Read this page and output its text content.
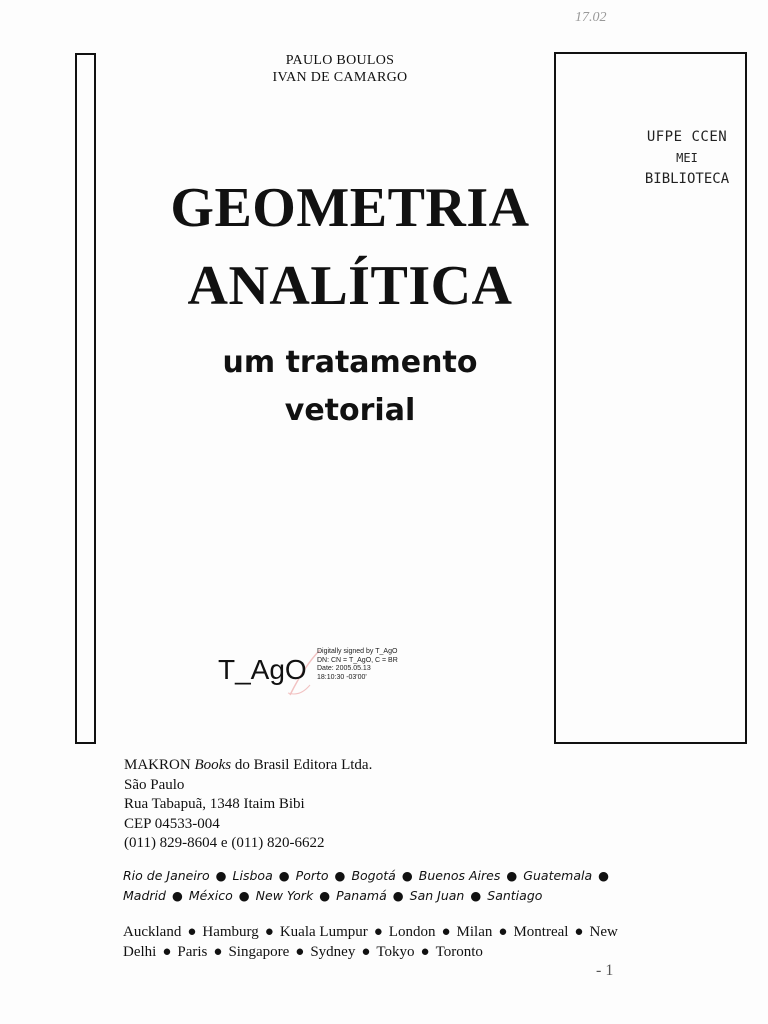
17.02
PAULO BOULOS
IVAN DE CAMARGO
GEOMETRIA
ANALÍTICA
um tratamento
vetorial
UFPE CCEN
MEI
BIBLIOTECA
T_AgO
Digitally signed by T_AgO
DN: CN = T_AgO, C = BR
Date: 2005.05.13
18:10:30 -03'00'
MAKRON Books do Brasil Editora Ltda.
São Paulo
Rua Tabapuã, 1348 Itaim Bibi
CEP 04533-004
(011) 829-8604 e (011) 820-6622
Rio de Janeiro ● Lisboa ● Porto ● Bogotá ● Buenos Aires ● Guatemala ●
Madrid ● México ● New York ● Panamá ● San Juan ● Santiago
Auckland ● Hamburg ● Kuala Lumpur ● London ● Milan ● Montreal ● New
Delhi ● Paris ● Singapore ● Sydney ● Tokyo ● Toronto
- 1
